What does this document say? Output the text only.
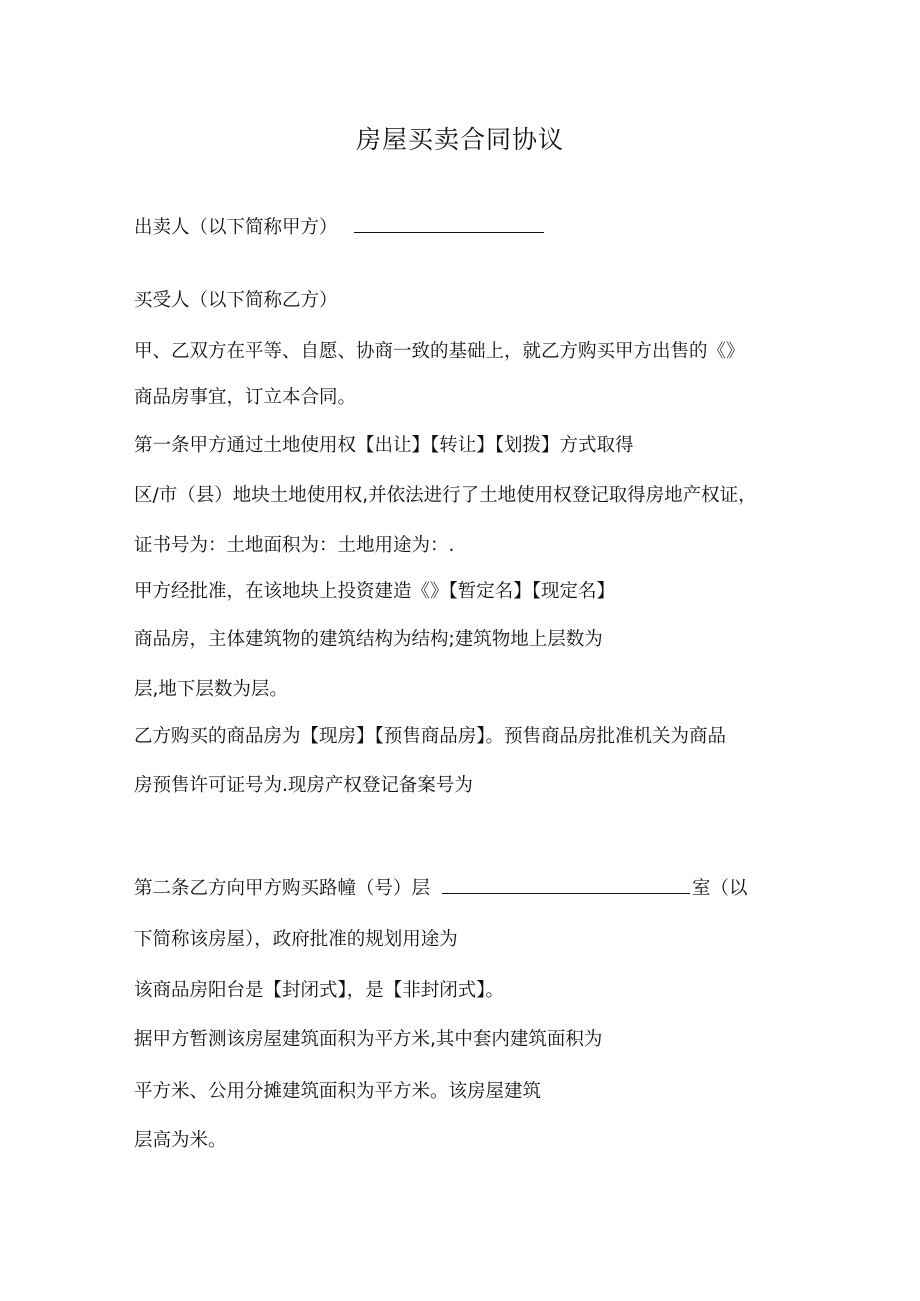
房屋买卖合同协议
出卖人（以下简称甲方）
买受人（以下简称乙方）
甲、乙双方在平等、自愿、协商一致的基础上，就乙方购买甲方出售的《》
商品房事宜，订立本合同。
第一条甲方通过土地使用权【出让】【转让】【划拨】方式取得
区/市（县）地块土地使用权,并依法进行了土地使用权登记取得房地产权证，
证书号为：土地面积为：土地用途为：.
甲方经批准，在该地块上投资建造《》【暂定名】【现定名】
商品房，主体建筑物的建筑结构为结构;建筑物地上层数为
层,地下层数为层。
乙方购买的商品房为【现房】【预售商品房】。预售商品房批准机关为商品
房预售许可证号为.现房产权登记备案号为
第二条乙方向甲方购买路幢（号）层	室（以
下简称该房屋），政府批准的规划用途为
该商品房阳台是【封闭式】，是【非封闭式】。
据甲方暂测该房屋建筑面积为平方米,其中套内建筑面积为
平方米、公用分摊建筑面积为平方米。该房屋建筑
层高为米。
